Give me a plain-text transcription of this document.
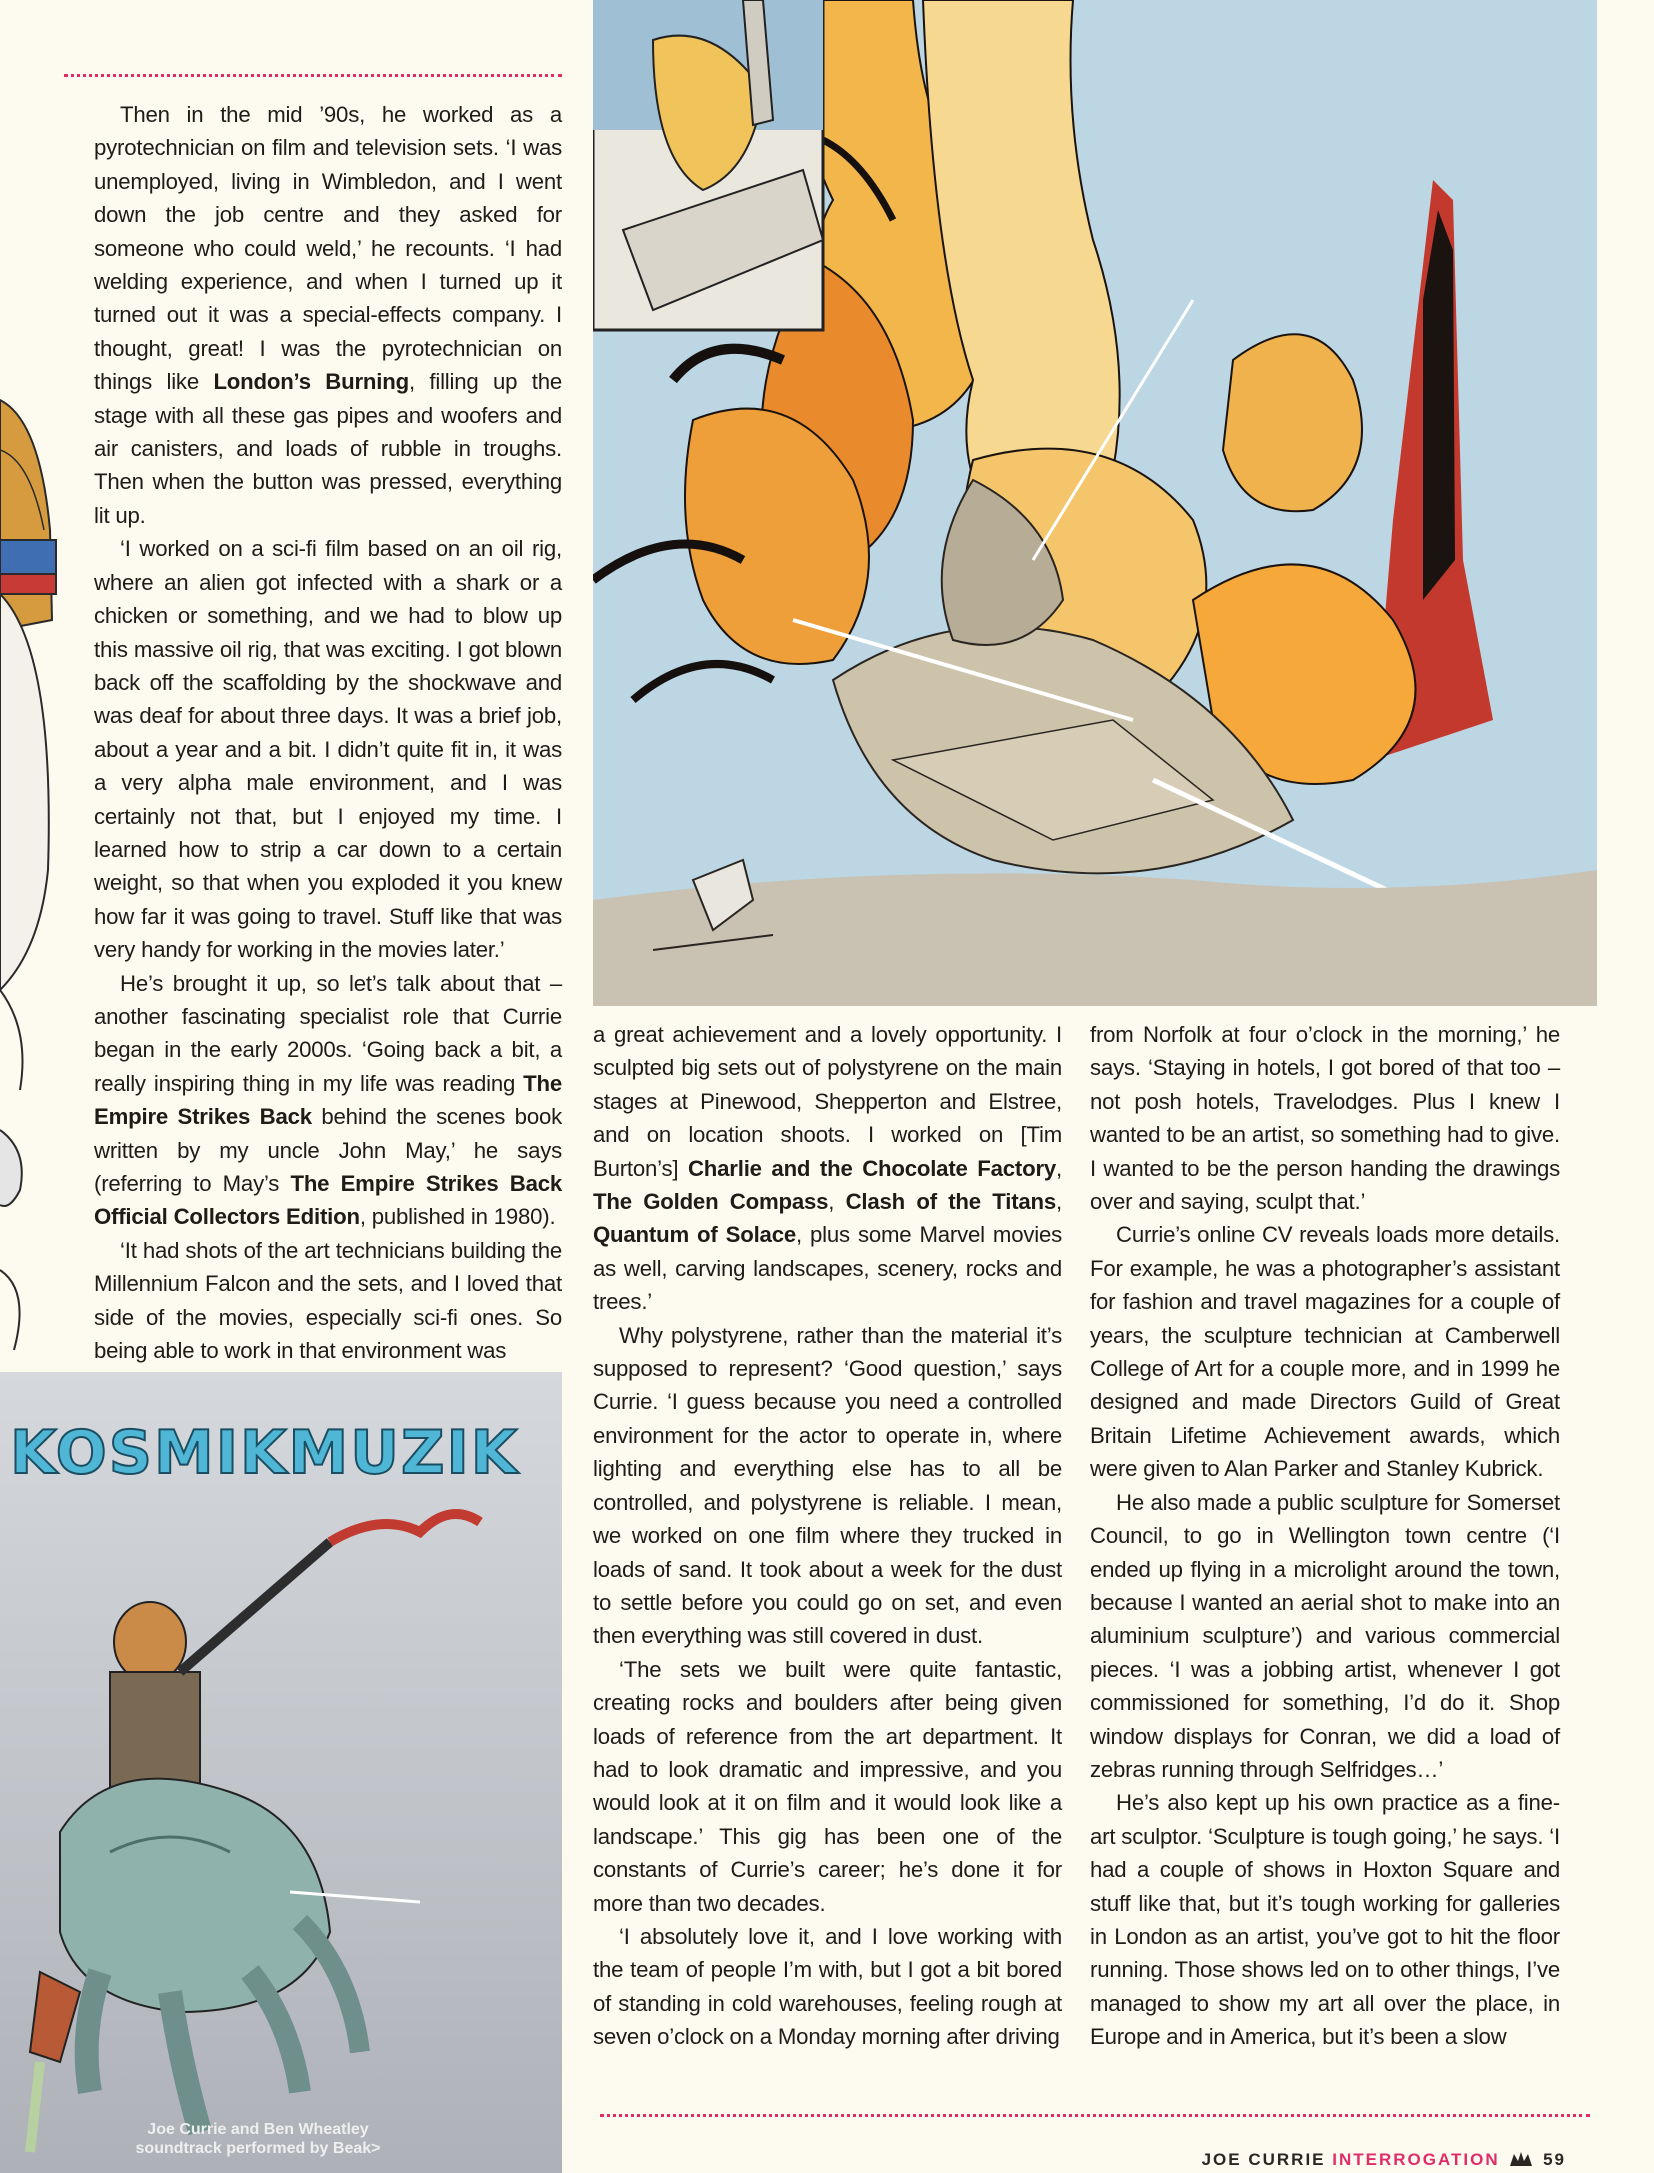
KOSMIKMUZIK
Joe Currie and Ben Wheatley
soundtrack performed by Beak>

Then in the mid ’90s, he worked as a pyrotechnician on film and television sets. ‘I was unemployed, living in Wimbledon, and I went down the job centre and they asked for someone who could weld,’ he recounts. ‘I had welding experience, and when I turned up it turned out it was a special-effects company. I thought, great! I was the pyrotechnician on things like London’s Burning, filling up the stage with all these gas pipes and woofers and air canisters, and loads of rubble in troughs. Then when the button was pressed, everything lit up.

‘I worked on a sci-fi film based on an oil rig, where an alien got infected with a shark or a chicken or something, and we had to blow up this massive oil rig, that was exciting. I got blown back off the scaffolding by the shockwave and was deaf for about three days. It was a brief job, about a year and a bit. I didn’t quite fit in, it was a very alpha male environment, and I was certainly not that, but I enjoyed my time. I learned how to strip a car down to a certain weight, so that when you exploded it you knew how far it was going to travel. Stuff like that was very handy for working in the movies later.’

He’s brought it up, so let’s talk about that – another fascinating specialist role that Currie began in the early 2000s. ‘Going back a bit, a really inspiring thing in my life was reading The Empire Strikes Back behind the scenes book written by my uncle John May,’ he says (referring to May’s The Empire Strikes Back Official Collectors Edition, published in 1980).

‘It had shots of the art technicians building the Millennium Falcon and the sets, and I loved that side of the movies, especially sci-fi ones. So being able to work in that environment was

a great achievement and a lovely opportunity. I sculpted big sets out of polystyrene on the main stages at Pinewood, Shepperton and Elstree, and on location shoots. I worked on [Tim Burton’s] Charlie and the Chocolate Factory, The Golden Compass, Clash of the Titans, Quantum of Solace, plus some Marvel movies as well, carving landscapes, scenery, rocks and trees.’

Why polystyrene, rather than the material it’s supposed to represent? ‘Good question,’ says Currie. ‘I guess because you need a controlled environment for the actor to operate in, where lighting and everything else has to all be controlled, and polystyrene is reliable. I mean, we worked on one film where they trucked in loads of sand. It took about a week for the dust to settle before you could go on set, and even then everything was still covered in dust.

‘The sets we built were quite fantastic, creating rocks and boulders after being given loads of reference from the art department. It had to look dramatic and impressive, and you would look at it on film and it would look like a landscape.’ This gig has been one of the constants of Currie’s career; he’s done it for more than two decades.

‘I absolutely love it, and I love working with the team of people I’m with, but I got a bit bored of standing in cold warehouses, feeling rough at seven o’clock on a Monday morning after driving

from Norfolk at four o’clock in the morning,’ he says. ‘Staying in hotels, I got bored of that too – not posh hotels, Travelodges. Plus I knew I wanted to be an artist, so something had to give. I wanted to be the person handing the drawings over and saying, sculpt that.’

Currie’s online CV reveals loads more details. For example, he was a photographer’s assistant for fashion and travel magazines for a couple of years, the sculpture technician at Camberwell College of Art for a couple more, and in 1999 he designed and made Directors Guild of Great Britain Lifetime Achievement awards, which were given to Alan Parker and Stanley Kubrick.

He also made a public sculpture for Somerset Council, to go in Wellington town centre (‘I ended up flying in a microlight around the town, because I wanted an aerial shot to make into an aluminium sculpture’) and various commercial pieces. ‘I was a jobbing artist, whenever I got commissioned for something, I’d do it. Shop window displays for Conran, we did a load of zebras running through Selfridges…’

He’s also kept up his own practice as a fine-art sculptor. ‘Sculpture is tough going,’ he says. ‘I had a couple of shows in Hoxton Square and stuff like that, but it’s tough working for galleries in London as an artist, you’ve got to hit the floor running. Those shows led on to other things, I’ve managed to show my art all over the place, in Europe and in America, but it’s been a slow

JOE CURRIE INTERROGATION	59
